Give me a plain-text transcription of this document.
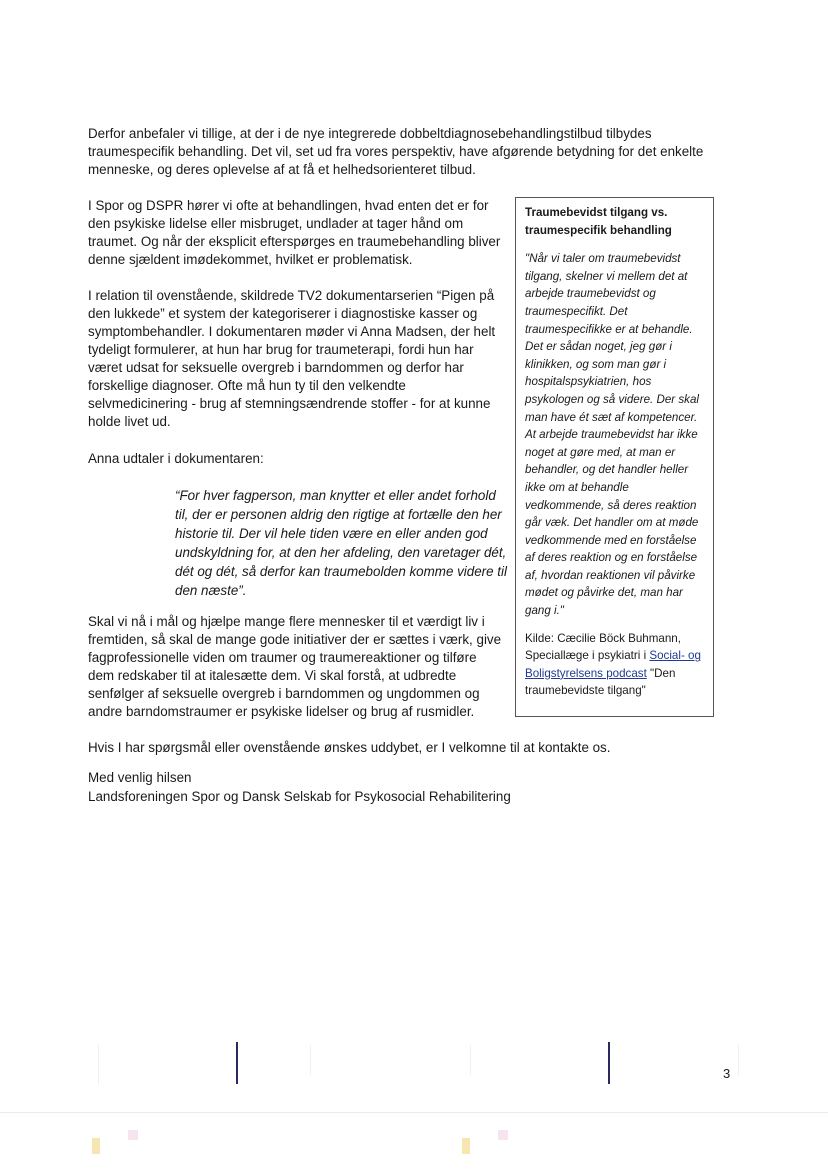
Derfor anbefaler vi tillige, at der i de nye integrerede dobbeltdiagnosebehandlingstilbud tilbydes traumespecifik behandling. Det vil, set ud fra vores perspektiv, have afgørende betydning for det enkelte menneske, og deres oplevelse af at få et helhedsorienteret tilbud.

I Spor og DSPR hører vi ofte at behandlingen, hvad enten det er for den psykiske lidelse eller misbruget, undlader at tager hånd om traumet. Og når der eksplicit efterspørges en traumebehandling bliver denne sjældent imødekommet, hvilket er problematisk.

I relation til ovenstående, skildrede TV2 dokumentarserien “Pigen på den lukkede” et system der kategoriserer i diagnostiske kasser og symptombehandler. I dokumentaren møder vi Anna Madsen, der helt tydeligt formulerer, at hun har brug for traumeterapi, fordi hun har været udsat for seksuelle overgreb i barndommen og derfor har forskellige diagnoser. Ofte må hun ty til den velkendte selvmedicinering - brug af stemningsændrende stoffer - for at kunne holde livet ud.

Anna udtaler i dokumentaren:

“For hver fagperson, man knytter et eller andet forhold til, der er personen aldrig den rigtige at fortælle den her historie til. Der vil hele tiden være en eller anden god undskyldning for, at den her afdeling, den varetager dét, dét og dét, så derfor kan traumebolden komme videre til den næste”.

Skal vi nå i mål og hjælpe mange flere mennesker til et værdigt liv i fremtiden, så skal de mange gode initiativer der er sættes i værk, give fagprofessionelle viden om traumer og traumereaktioner og tilføre dem redskaber til at italesætte dem. Vi skal forstå, at udbredte senfølger af seksuelle overgreb i barndommen og ungdommen og andre barndomstraumer er psykiske lidelser og brug af rusmidler.

Traumebevidst tilgang vs. traumespecifik behandling

"Når vi taler om traumebevidst tilgang, skelner vi mellem det at arbejde traumebevidst og traumespecifikt. Det traumespecifikke er at behandle. Det er sådan noget, jeg gør i klinikken, og som man gør i hospitalspsykiatrien, hos psykologen og så videre. Der skal man have ét sæt af kompetencer. At arbejde traumebevidst har ikke noget at gøre med, at man er behandler, og det handler heller ikke om at behandle vedkommende, så deres reaktion går væk. Det handler om at møde vedkommende med en forståelse af deres reaktion og en forståelse af, hvordan reaktionen vil påvirke mødet og påvirke det, man har gang i."

Kilde: Cæcilie Böck Buhmann, Speciallæge i psykiatri i Social- og Boligstyrelsens podcast "Den traumebevidste tilgang"

Hvis I har spørgsmål eller ovenstående ønskes uddybet, er I velkomne til at kontakte os.

Med venlig hilsen

Landsforeningen Spor og Dansk Selskab for Psykosocial Rehabilitering

3
